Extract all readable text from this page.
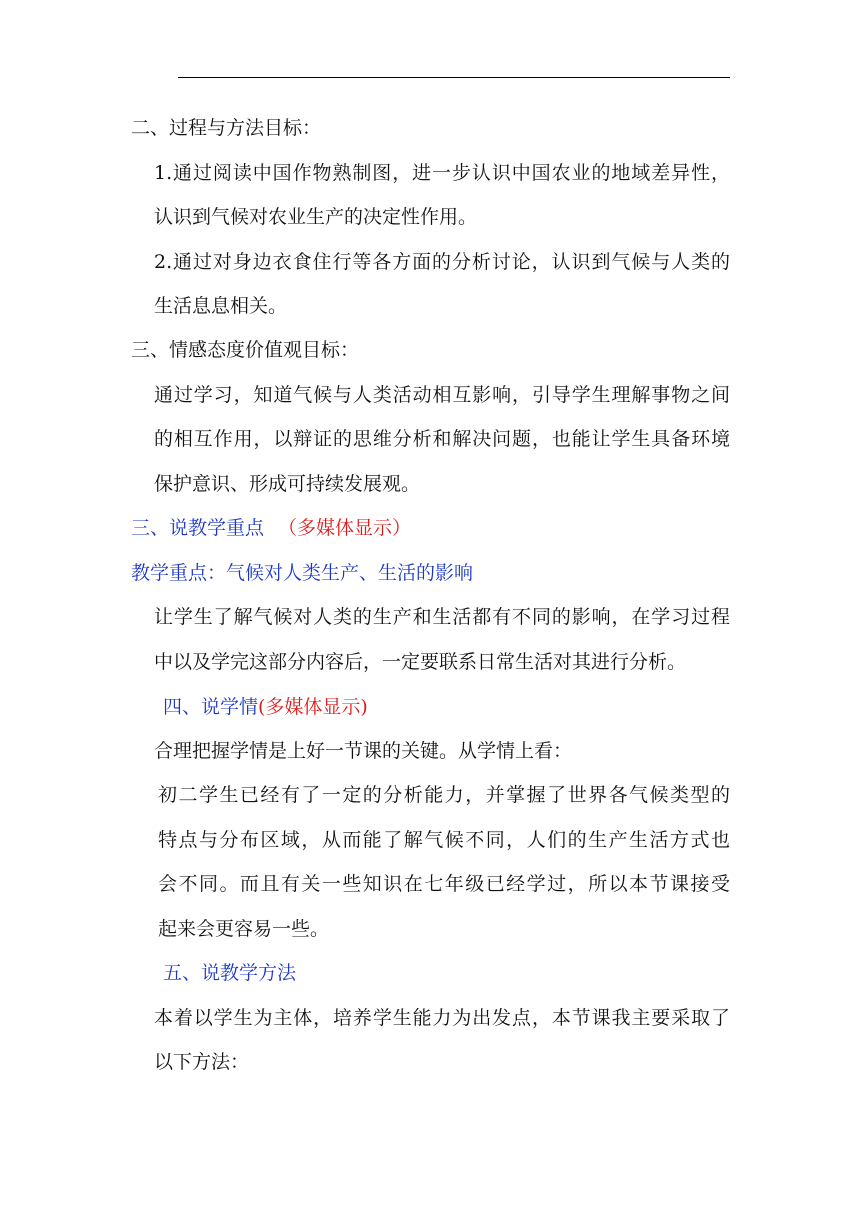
二、过程与方法目标：
1.通过阅读中国作物熟制图，进一步认识中国农业的地域差异性，
认识到气候对农业生产的决定性作用。
2.通过对身边衣食住行等各方面的分析讨论，认识到气候与人类的
生活息息相关。
三、情感态度价值观目标：
通过学习，知道气候与人类活动相互影响，引导学生理解事物之间
的相互作用，以辩证的思维分析和解决问题，也能让学生具备环境
保护意识、形成可持续发展观。
三、说教学重点 （多媒体显示）
教学重点：气候对人类生产、生活的影响
让学生了解气候对人类的生产和生活都有不同的影响，在学习过程
中以及学完这部分内容后，一定要联系日常生活对其进行分析。
四、说学情(多媒体显示)
合理把握学情是上好一节课的关键。从学情上看：
初二学生已经有了一定的分析能力，并掌握了世界各气候类型的
特点与分布区域，从而能了解气候不同，人们的生产生活方式也
会不同。而且有关一些知识在七年级已经学过，所以本节课接受
起来会更容易一些。
五、说教学方法
本着以学生为主体，培养学生能力为出发点，本节课我主要采取了
以下方法：
